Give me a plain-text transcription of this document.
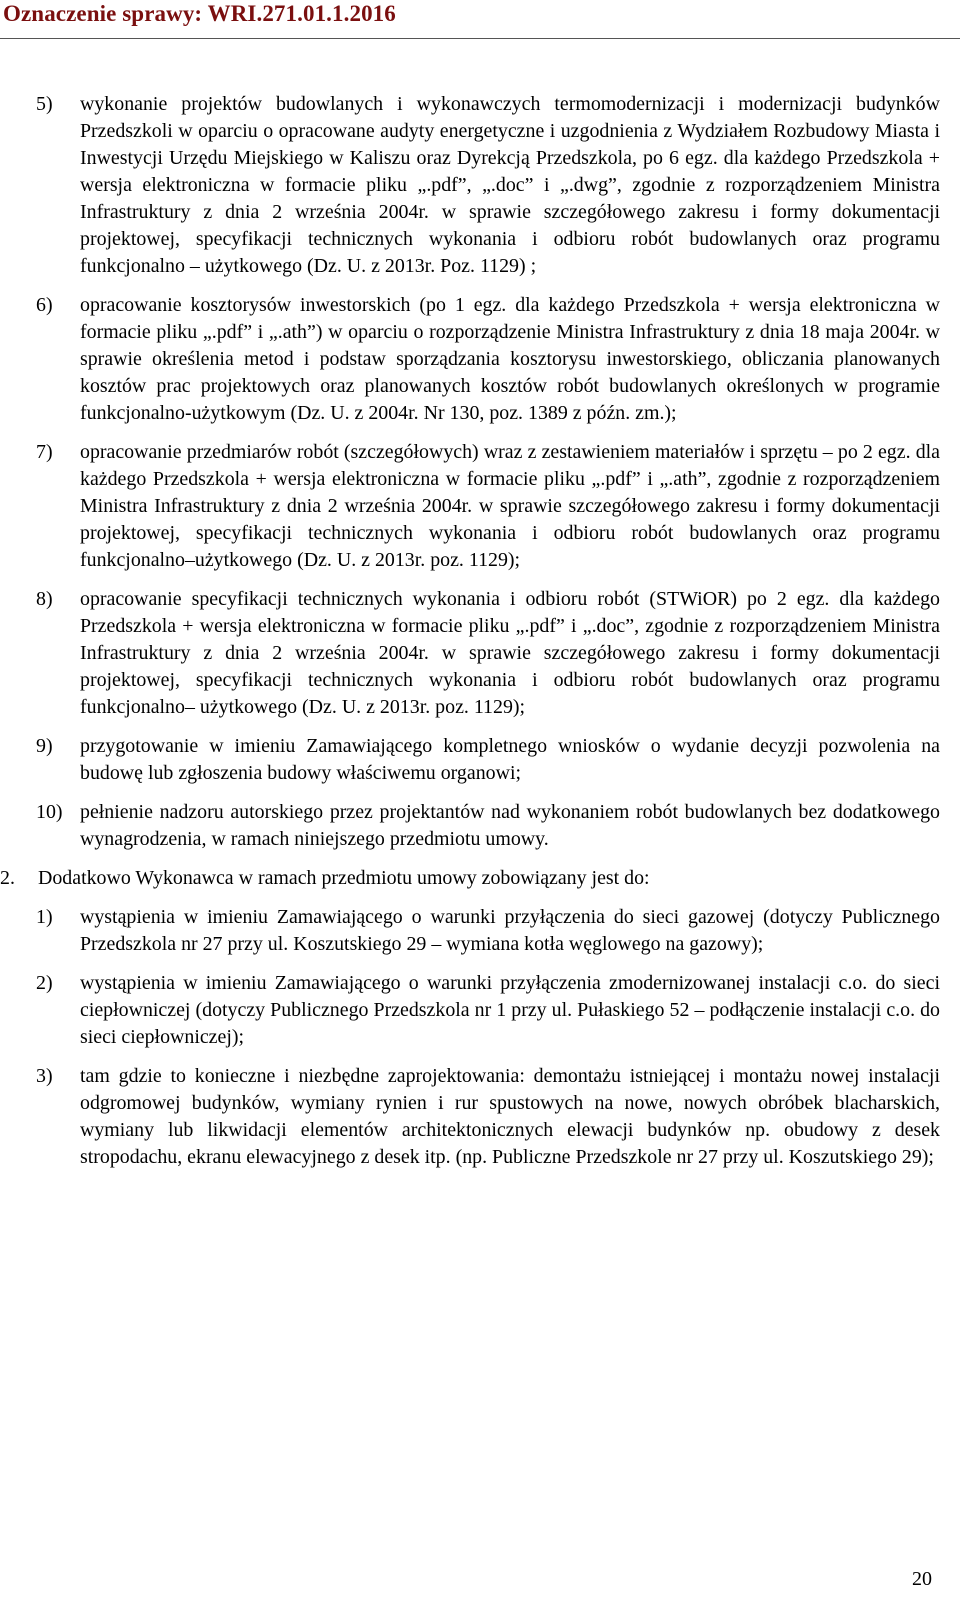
Oznaczenie sprawy: WRI.271.01.1.2016
5) wykonanie projektów budowlanych i wykonawczych termomodernizacji i modernizacji budynków Przedszkoli w oparciu o opracowane audyty energetyczne i uzgodnienia z Wydziałem Rozbudowy Miasta i Inwestycji Urzędu Miejskiego w Kaliszu oraz Dyrekcją Przedszkola, po 6 egz. dla każdego Przedszkola + wersja elektroniczna w formacie pliku „.pdf”, „.doc” i „.dwg”, zgodnie z rozporządzeniem Ministra Infrastruktury z dnia 2 września 2004r. w sprawie szczegółowego zakresu i formy dokumentacji projektowej, specyfikacji technicznych wykonania i odbioru robót budowlanych oraz programu funkcjonalno – użytkowego (Dz. U. z 2013r. Poz. 1129) ;
6) opracowanie kosztorysów inwestorskich (po 1 egz. dla każdego Przedszkola + wersja elektroniczna w formacie pliku „.pdf” i „.ath”) w oparciu o rozporządzenie Ministra Infrastruktury z dnia 18 maja 2004r. w sprawie określenia metod i podstaw sporządzania kosztorysu inwestorskiego, obliczania planowanych kosztów prac projektowych oraz planowanych kosztów robót budowlanych określonych w programie funkcjonalno-użytkowym (Dz. U. z 2004r. Nr 130, poz. 1389 z późn. zm.);
7) opracowanie przedmiarów robót (szczegółowych) wraz z zestawieniem materiałów i sprzętu – po 2 egz. dla każdego Przedszkola + wersja elektroniczna w formacie pliku „.pdf” i „.ath”, zgodnie z rozporządzeniem Ministra Infrastruktury z dnia 2 września 2004r. w sprawie szczegółowego zakresu i formy dokumentacji projektowej, specyfikacji technicznych wykonania i odbioru robót budowlanych oraz programu funkcjonalno–użytkowego (Dz. U. z 2013r. poz. 1129);
8) opracowanie specyfikacji technicznych wykonania i odbioru robót (STWiOR) po 2 egz. dla każdego Przedszkola + wersja elektroniczna w formacie pliku „.pdf” i „.doc”, zgodnie z rozporządzeniem Ministra Infrastruktury z dnia 2 września 2004r. w sprawie szczegółowego zakresu i formy dokumentacji projektowej, specyfikacji technicznych wykonania i odbioru robót budowlanych oraz programu funkcjonalno– użytkowego (Dz. U. z 2013r. poz. 1129);
9) przygotowanie w imieniu Zamawiającego kompletnego wniosków o wydanie decyzji pozwolenia na budowę lub zgłoszenia budowy właściwemu organowi;
10) pełnienie nadzoru autorskiego przez projektantów nad wykonaniem robót budowlanych bez dodatkowego wynagrodzenia, w ramach niniejszego przedmiotu umowy.
2. Dodatkowo Wykonawca w ramach przedmiotu umowy zobowiązany jest do:
1) wystąpienia w imieniu Zamawiającego o warunki przyłączenia do sieci gazowej (dotyczy Publicznego Przedszkola nr 27 przy ul. Koszutskiego 29 – wymiana kotła węglowego na gazowy);
2) wystąpienia w imieniu Zamawiającego o warunki przyłączenia zmodernizowanej instalacji c.o. do sieci ciepłowniczej (dotyczy Publicznego Przedszkola nr 1 przy ul. Pułaskiego 52 – podłączenie instalacji c.o. do sieci ciepłowniczej);
3) tam gdzie to konieczne i niezbędne zaprojektowania: demontażu istniejącej i montażu nowej instalacji odgromowej budynków, wymiany rynien i rur spustowych na nowe, nowych obróbek blacharskich, wymiany lub likwidacji elementów architektonicznych elewacji budynków np. obudowy z desek stropodachu, ekranu elewacyjnego z desek itp. (np. Publiczne Przedszkole nr 27 przy ul. Koszutskiego 29);
20
